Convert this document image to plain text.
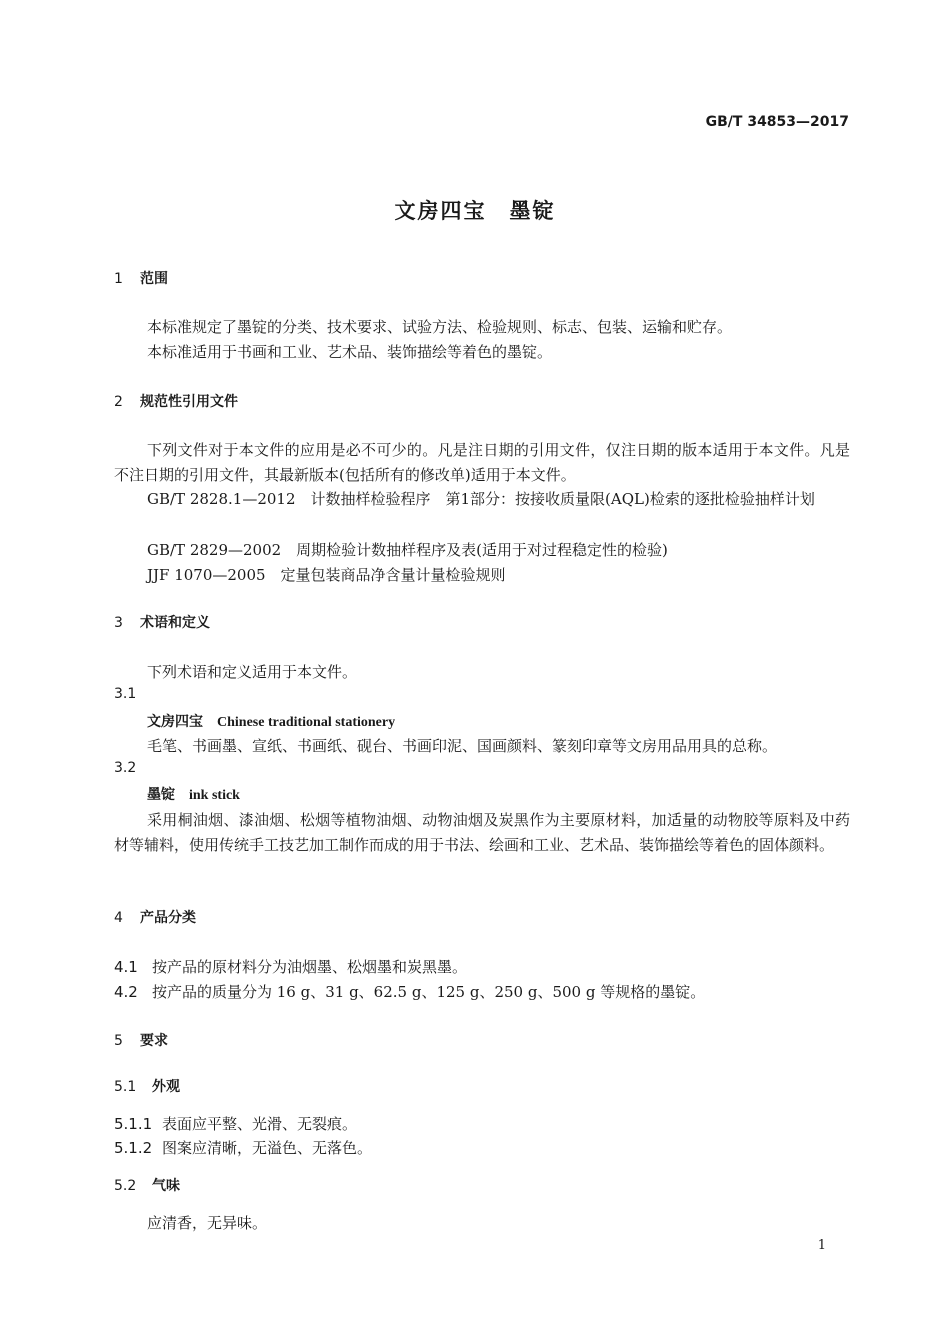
GB/T 34853—2017
文房四宝　墨锭
1 范围
本标准规定了墨锭的分类、技术要求、试验方法、检验规则、标志、包装、运输和贮存。
本标准适用于书画和工业、艺术品、装饰描绘等着色的墨锭。
2 规范性引用文件
下列文件对于本文件的应用是必不可少的。凡是注日期的引用文件，仅注日期的版本适用于本文件。凡是不注日期的引用文件，其最新版本(包括所有的修改单)适用于本文件。
GB/T 2828.1—2012　计数抽样检验程序　第1部分：按接收质量限(AQL)检索的逐批检验抽样计划
GB/T 2829—2002　周期检验计数抽样程序及表(适用于对过程稳定性的检验)
JJF 1070—2005　定量包装商品净含量计量检验规则
3 术语和定义
下列术语和定义适用于本文件。
3.1
文房四宝 Chinese traditional stationery
毛笔、书画墨、宣纸、书画纸、砚台、书画印泥、国画颜料、篆刻印章等文房用品用具的总称。
3.2
墨锭 ink stick
采用桐油烟、漆油烟、松烟等植物油烟、动物油烟及炭黑作为主要原材料，加适量的动物胶等原料及中药材等辅料，使用传统手工技艺加工制作而成的用于书法、绘画和工业、艺术品、装饰描绘等着色的固体颜料。
4 产品分类
4.1 按产品的原材料分为油烟墨、松烟墨和炭黑墨。
4.2 按产品的质量分为 16 g、31 g、62.5 g、125 g、250 g、500 g 等规格的墨锭。
5 要求
5.1 外观
5.1.1 表面应平整、光滑、无裂痕。
5.1.2 图案应清晰，无溢色、无落色。
5.2 气味
应清香，无异味。
1
